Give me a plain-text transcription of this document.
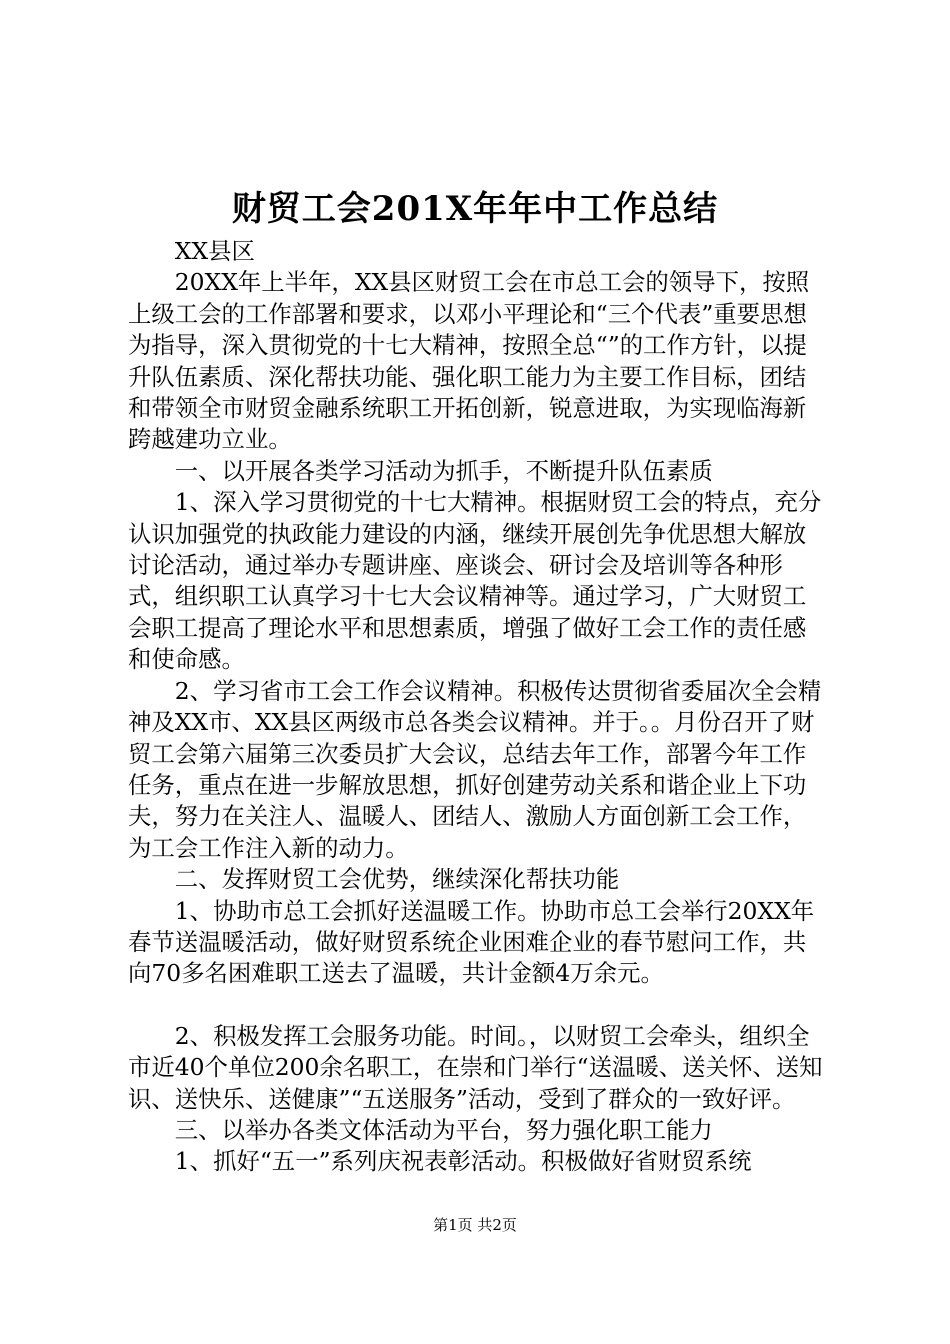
财贸工会201X年年中工作总结

XX县区

20XX年上半年，XX县区财贸工会在市总工会的领导下，按照上级工会的工作部署和要求，以邓小平理论和“三个代表”重要思想为指导，深入贯彻党的十七大精神，按照全总“”的工作方针，以提升队伍素质、深化帮扶功能、强化职工能力为主要工作目标，团结和带领全市财贸金融系统职工开拓创新，锐意进取，为实现临海新跨越建功立业。

一、以开展各类学习活动为抓手，不断提升队伍素质

1、深入学习贯彻党的十七大精神。根据财贸工会的特点，充分认识加强党的执政能力建设的内涵，继续开展创先争优思想大解放讨论活动，通过举办专题讲座、座谈会、研讨会及培训等各种形式，组织职工认真学习十七大会议精神等。通过学习，广大财贸工会职工提高了理论水平和思想素质，增强了做好工会工作的责任感和使命感。

2、学习省市工会工作会议精神。积极传达贯彻省委届次全会精神及XX市、XX县区两级市总各类会议精神。并于。。月份召开了财贸工会第六届第三次委员扩大会议，总结去年工作，部署今年工作任务，重点在进一步解放思想，抓好创建劳动关系和谐企业上下功夫，努力在关注人、温暖人、团结人、激励人方面创新工会工作，为工会工作注入新的动力。

二、发挥财贸工会优势，继续深化帮扶功能

1、协助市总工会抓好送温暖工作。协助市总工会举行20XX年春节送温暖活动，做好财贸系统企业困难企业的春节慰问工作，共向70多名困难职工送去了温暖，共计金额4万余元。

2、积极发挥工会服务功能。时间。，以财贸工会牵头，组织全市近40个单位200余名职工，在崇和门举行“送温暖、送关怀、送知识、送快乐、送健康”“五送服务”活动，受到了群众的一致好评。

三、以举办各类文体活动为平台，努力强化职工能力

1、抓好“五一”系列庆祝表彰活动。积极做好省财贸系统

第1页 共2页
